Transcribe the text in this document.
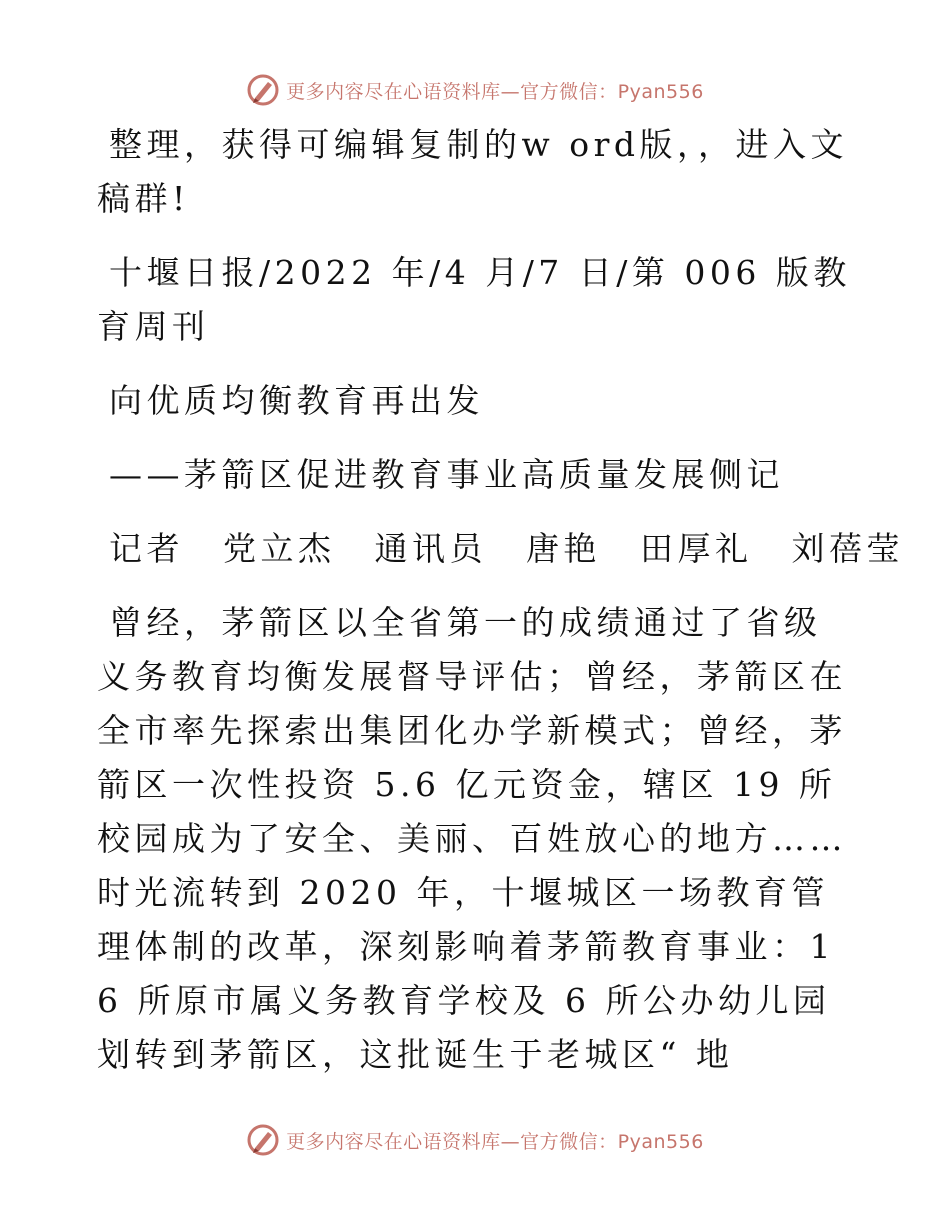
更多内容尽在心语资料库—官方微信：Pyan556

整理，获得可编辑复制的w ord版，，进入文稿群!

十堰日报/2022 年/4 月/7 日/第 006 版教育周刊

向优质均衡教育再出发

——茅箭区促进教育事业高质量发展侧记

记者 党立杰 通讯员 唐艳 田厚礼 刘蓓莹

曾经，茅箭区以全省第一的成绩通过了省级义务教育均衡发展督导评估；曾经，茅箭区在全市率先探索出集团化办学新模式；曾经，茅箭区一次性投资 5.6 亿元资金，辖区 19 所校园成为了安全、美丽、百姓放心的地方……时光流转到 2020 年，十堰城区一场教育管理体制的改革，深刻影响着茅箭教育事业：16 所原市属义务教育学校及 6 所公办幼儿园划转到茅箭区，这批诞生于老城区“ 地

更多内容尽在心语资料库—官方微信：Pyan556
